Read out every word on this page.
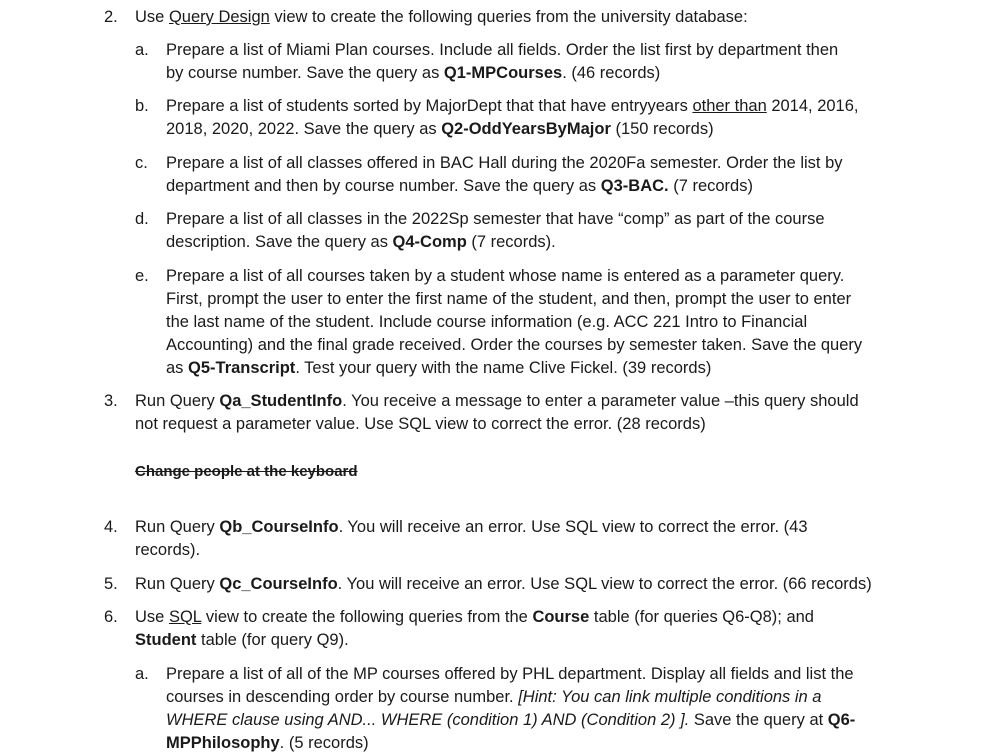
2. Use Query Design view to create the following queries from the university database:
a. Prepare a list of Miami Plan courses. Include all fields. Order the list first by department then
by course number. Save the query as Q1-MPCourses. (46 records)
b. Prepare a list of students sorted by MajorDept that that have entryyears other than 2014, 2016,
2018, 2020, 2022. Save the query as Q2-OddYearsByMajor (150 records)
c. Prepare a list of all classes offered in BAC Hall during the 2020Fa semester. Order the list by
department and then by course number. Save the query as Q3-BAC. (7 records)
d. Prepare a list of all classes in the 2022Sp semester that have “comp” as part of the course
description. Save the query as Q4-Comp (7 records).
e. Prepare a list of all courses taken by a student whose name is entered as a parameter query.
First, prompt the user to enter the first name of the student, and then, prompt the user to enter
the last name of the student. Include course information (e.g. ACC 221 Intro to Financial
Accounting) and the final grade received. Order the courses by semester taken. Save the query
as Q5-Transcript. Test your query with the name Clive Fickel. (39 records)
3. Run Query Qa_StudentInfo. You receive a message to enter a parameter value –this query should
not request a parameter value. Use SQL view to correct the error. (28 records)
Change people at the keyboard
4. Run Query Qb_CourseInfo. You will receive an error. Use SQL view to correct the error. (43
records).
5. Run Query Qc_CourseInfo. You will receive an error. Use SQL view to correct the error. (66 records)
6. Use SQL view to create the following queries from the Course table (for queries Q6-Q8); and
Student table (for query Q9).
a. Prepare a list of all of the MP courses offered by PHL department. Display all fields and list the
courses in descending order by course number. [Hint: You can link multiple conditions in a
WHERE clause using AND... WHERE (condition 1) AND (Condition 2) ]. Save the query at Q6-
MPPhilosophy. (5 records)
